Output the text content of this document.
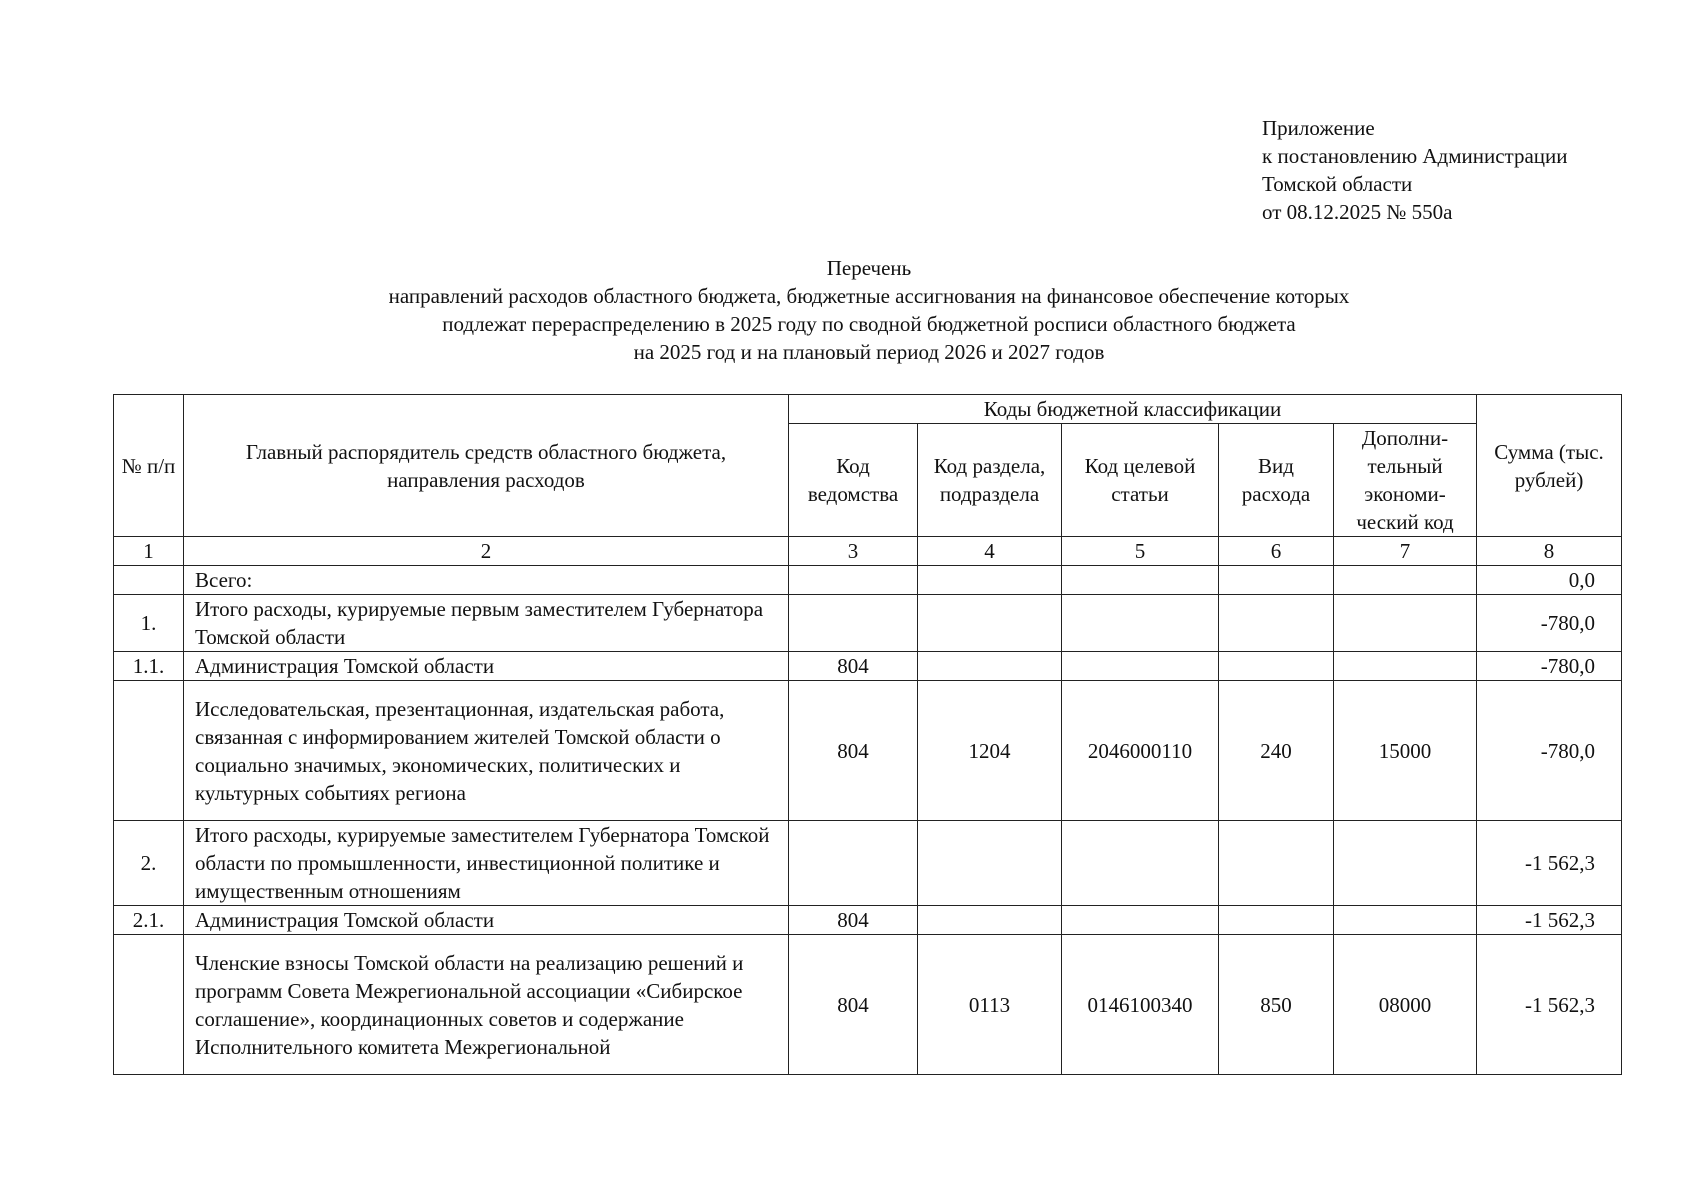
Приложение
к постановлению Администрации
Томской области
от 08.12.2025 № 550а
Перечень
направлений расходов областного бюджета, бюджетные ассигнования на финансовое обеспечение которых
подлежат перераспределению в 2025 году по сводной бюджетной росписи областного бюджета
на 2025 год и на плановый период 2026 и 2027 годов
№ п/п	Главный распорядитель средств областного бюджета, направления расходов	Коды бюджетной классификации					Сумма (тыс. рублей)
		Код ведомства	Код раздела, подраздела	Код целевой статьи	Вид расхода	Дополни-тельный экономи-ческий код	
1	2	3	4	5	6	7	8
	Всего:						0,0
1.	Итого расходы, курируемые первым заместителем Губернатора Томской области						-780,0
1.1.	Администрация Томской области	804					-780,0
	Исследовательская, презентационная, издательская работа, связанная с информированием жителей Томской области о социально значимых, экономических, политических и культурных событиях региона	804	1204	2046000110	240	15000	-780,0
2.	Итого расходы, курируемые заместителем Губернатора Томской области по промышленности, инвестиционной политике и имущественным отношениям						-1 562,3
2.1.	Администрация Томской области	804					-1 562,3
	Членские взносы Томской области на реализацию решений и программ Совета Межрегиональной ассоциации «Сибирское соглашение», координационных советов и содержание Исполнительного комитета Межрегиональной	804	0113	0146100340	850	08000	-1 562,3
